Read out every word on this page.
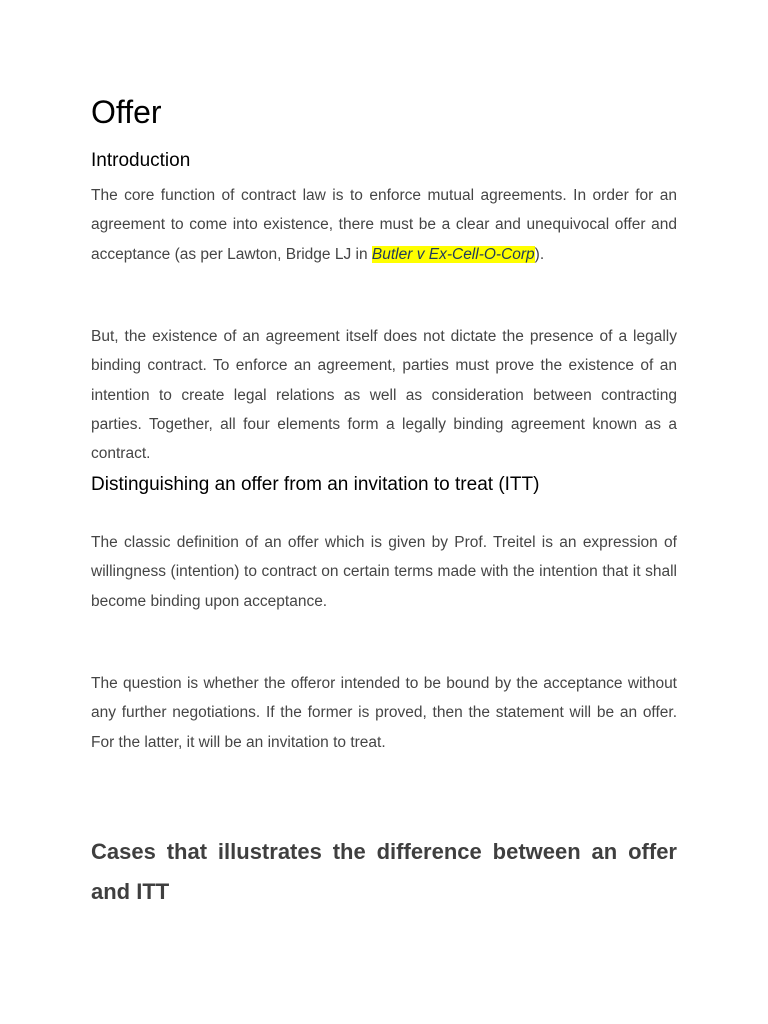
Offer
Introduction

The core function of contract law is to enforce mutual agreements. In order for an agreement to come into existence, there must be a clear and unequivocal offer and acceptance (as per Lawton, Bridge LJ in Butler v Ex-Cell-O-Corp).

But, the existence of an agreement itself does not dictate the presence of a legally binding contract. To enforce an agreement, parties must prove the existence of an intention to create legal relations as well as consideration between contracting parties. Together, all four elements form a legally binding agreement known as a contract.

Distinguishing an offer from an invitation to treat (ITT)

The classic definition of an offer which is given by Prof. Treitel is an expression of willingness (intention) to contract on certain terms made with the intention that it shall become binding upon acceptance.

The question is whether the offeror intended to be bound by the acceptance without any further negotiations. If the former is proved, then the statement will be an offer. For the latter, it will be an invitation to treat.

Cases that illustrates the difference between an offer and ITT
